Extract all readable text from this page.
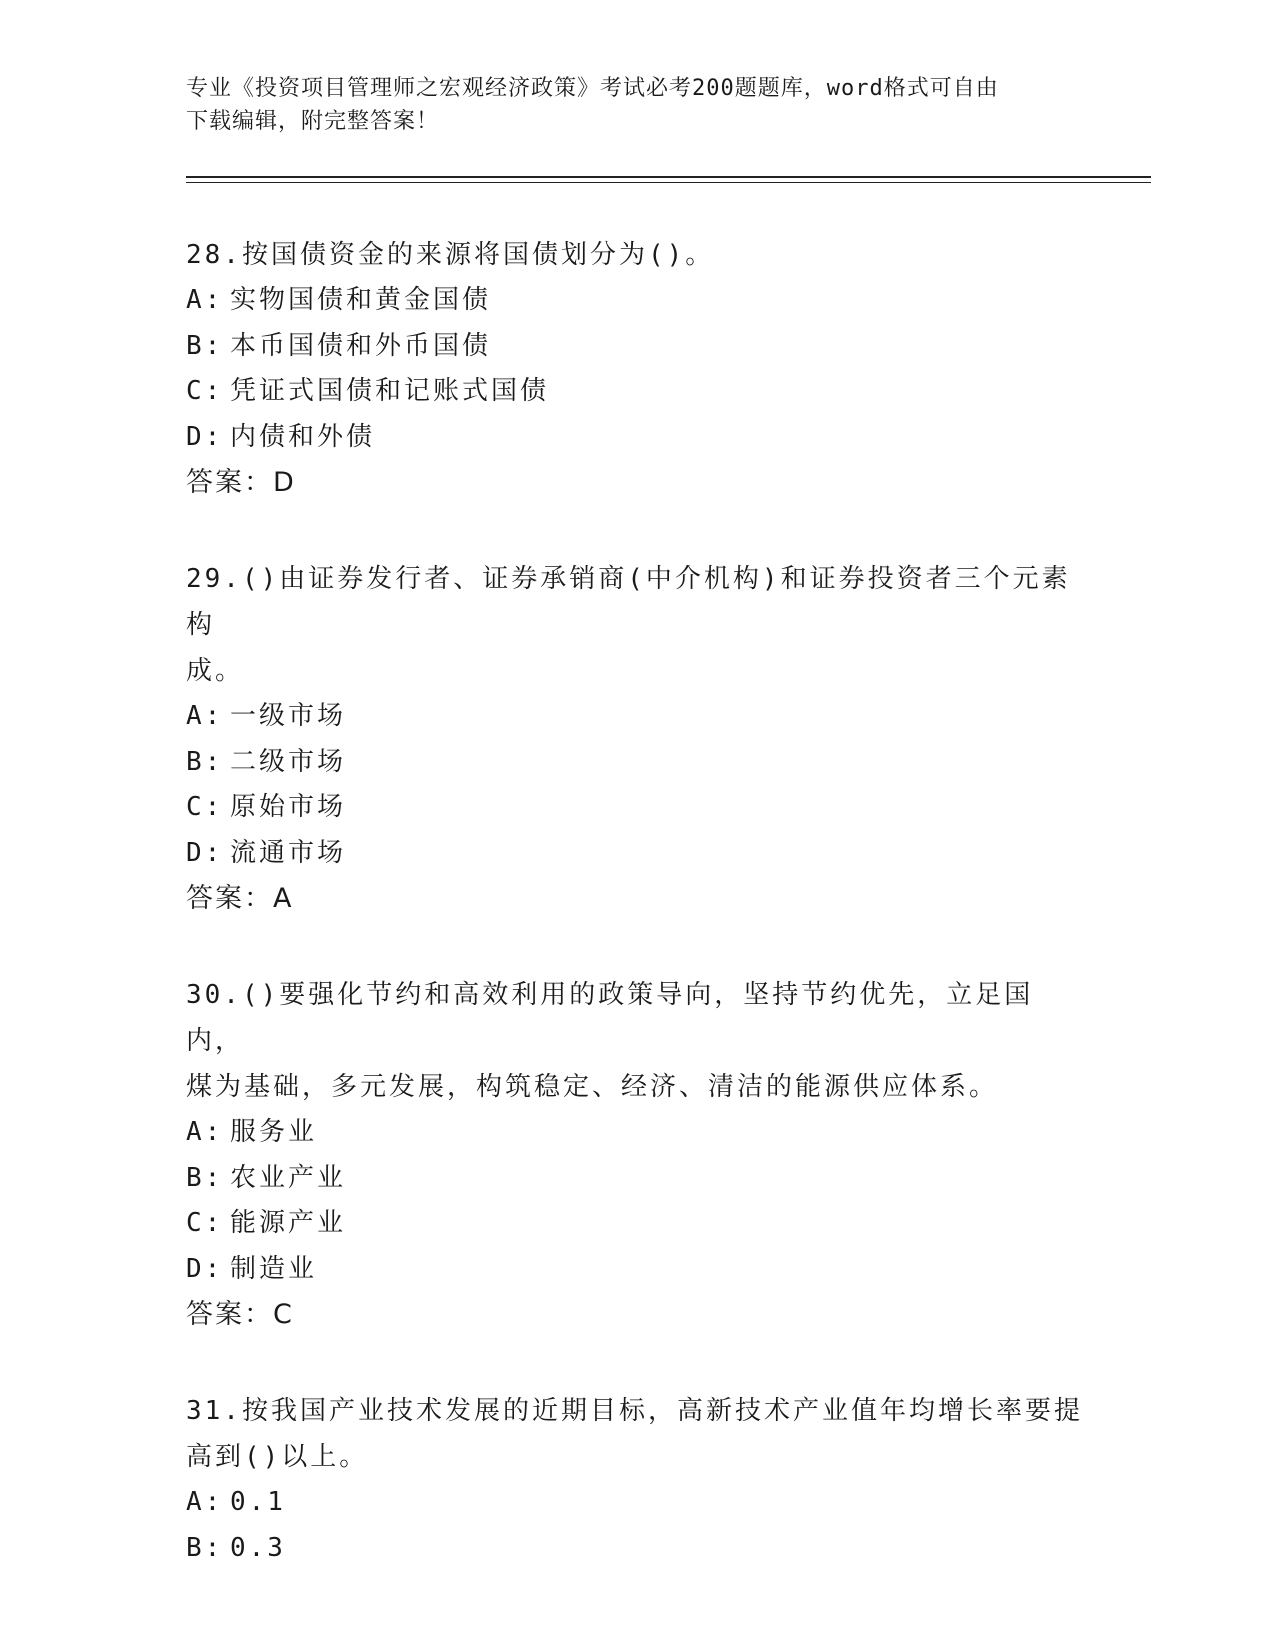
专业《投资项目管理师之宏观经济政策》考试必考200题题库，word格式可自由
下载编辑，附完整答案！

28.按国债资金的来源将国债划分为()。

A: 实物国债和黄金国债

B: 本币国债和外币国债

C: 凭证式国债和记账式国债

D: 内债和外债

答案：D

29.()由证券发行者、证券承销商(中介机构)和证券投资者三个元素构

成。

A: 一级市场

B: 二级市场

C: 原始市场

D: 流通市场

答案：A

30.()要强化节约和高效利用的政策导向，坚持节约优先，立足国内，

煤为基础，多元发展，构筑稳定、经济、清洁的能源供应体系。

A: 服务业

B: 农业产业

C: 能源产业

D: 制造业

答案：C

31.按我国产业技术发展的近期目标，高新技术产业值年均增长率要提

高到()以上。

A: 0.1

B: 0.3
